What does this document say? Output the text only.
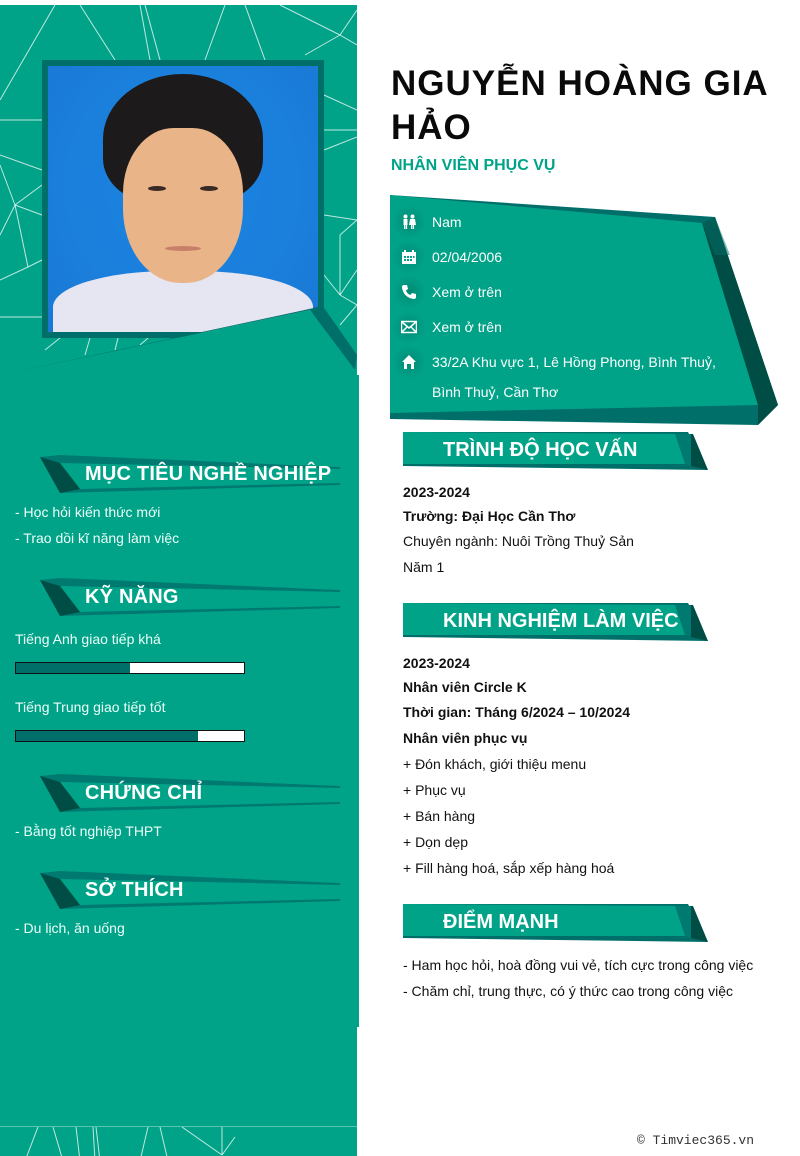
MỤC TIÊU NGHỀ NGHIỆP
- Học hỏi kiến thức mới
- Trao dồi kĩ năng làm việc
KỸ NĂNG
Tiếng Anh giao tiếp khá
Tiếng Trung giao tiếp tốt
CHỨNG CHỈ
- Bằng tốt nghiệp THPT
SỞ THÍCH
- Du lịch, ăn uống
NGUYỄN HOÀNG GIA HẢO
NHÂN VIÊN PHỤC VỤ
Nam
02/04/2006
Xem ở trên
Xem ở trên
33/2A Khu vực 1, Lê Hồng Phong, Bình Thuỷ,
Bình Thuỷ, Cần Thơ
TRÌNH ĐỘ HỌC VẤN
2023-2024
Trường: Đại Học Cần Thơ
Chuyên ngành: Nuôi Trồng Thuỷ Sản
Năm 1
KINH NGHIỆM LÀM VIỆC
2023-2024
Nhân viên Circle K
Thời gian: Tháng 6/2024 – 10/2024
Nhân viên phục vụ
+ Đón khách, giới thiệu menu
+ Phục vụ
+ Bán hàng
+ Dọn dẹp
+ Fill hàng hoá, sắp xếp hàng hoá
ĐIỂM MẠNH
- Ham học hỏi, hoà đồng vui vẻ, tích cực trong công việc
- Chăm chỉ, trung thực, có ý thức cao trong công việc
© Timviec365.vn
